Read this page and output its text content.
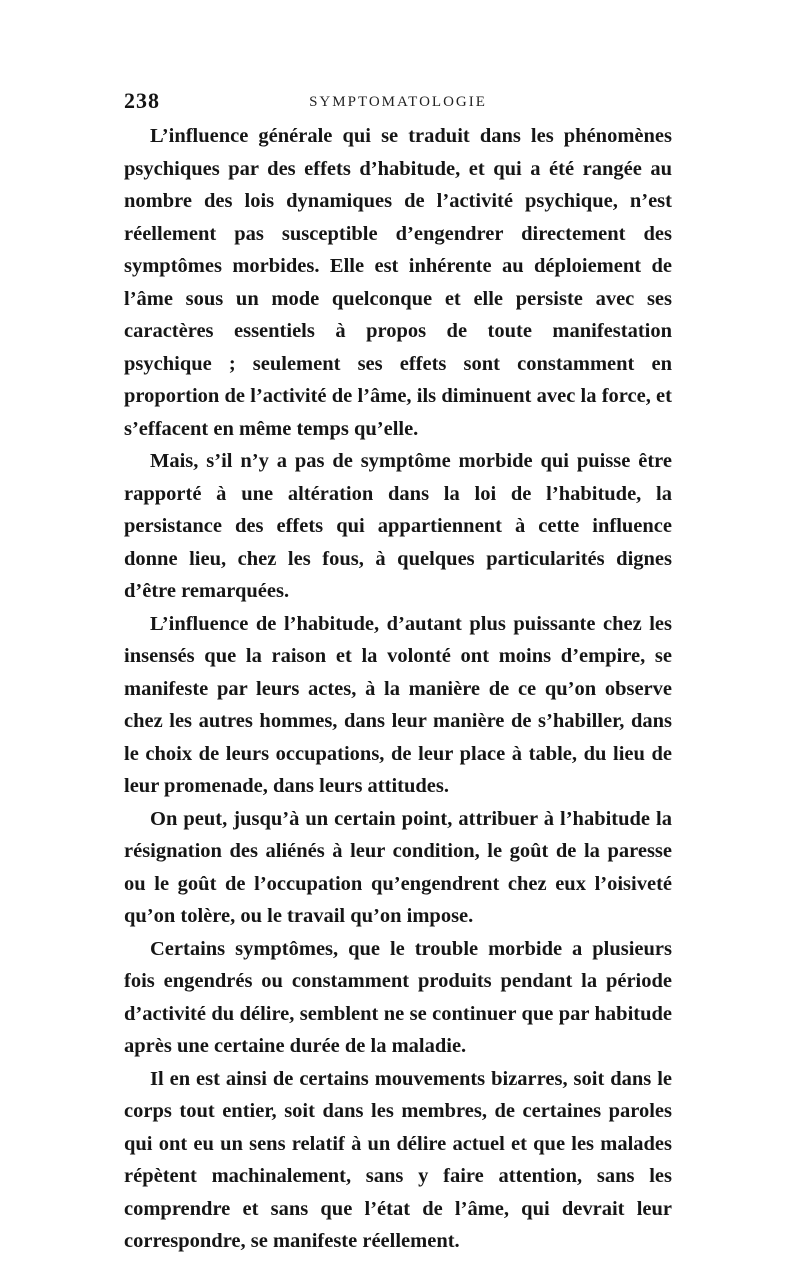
238	SYMPTOMATOLOGIE

L’influence générale qui se traduit dans les phénomènes psychiques par des effets d’habitude, et qui a été rangée au nombre des lois dynamiques de l’activité psychique, n’est réellement pas susceptible d’engendrer directement des symptômes morbides. Elle est inhérente au déploiement de l’âme sous un mode quelconque et elle persiste avec ses caractères essentiels à propos de toute manifestation psychique ; seulement ses effets sont constamment en proportion de l’activité de l’âme, ils diminuent avec la force, et s’effacent en même temps qu’elle.

Mais, s’il n’y a pas de symptôme morbide qui puisse être rapporté à une altération dans la loi de l’habitude, la persistance des effets qui appartiennent à cette influence donne lieu, chez les fous, à quelques particularités dignes d’être remarquées.

L’influence de l’habitude, d’autant plus puissante chez les insensés que la raison et la volonté ont moins d’empire, se manifeste par leurs actes, à la manière de ce qu’on observe chez les autres hommes, dans leur manière de s’habiller, dans le choix de leurs occupations, de leur place à table, du lieu de leur promenade, dans leurs attitudes.

On peut, jusqu’à un certain point, attribuer à l’habitude la résignation des aliénés à leur condition, le goût de la paresse ou le goût de l’occupation qu’engendrent chez eux l’oisiveté qu’on tolère, ou le travail qu’on impose.

Certains symptômes, que le trouble morbide a plusieurs fois engendrés ou constamment produits pendant la période d’activité du délire, semblent ne se continuer que par habitude après une certaine durée de la maladie.

Il en est ainsi de certains mouvements bizarres, soit dans le corps tout entier, soit dans les membres, de certaines paroles qui ont eu un sens relatif à un délire actuel et que les malades répètent machinalement, sans y faire attention, sans les comprendre et sans que l’état de l’âme, qui devrait leur correspondre, se manifeste réellement.
